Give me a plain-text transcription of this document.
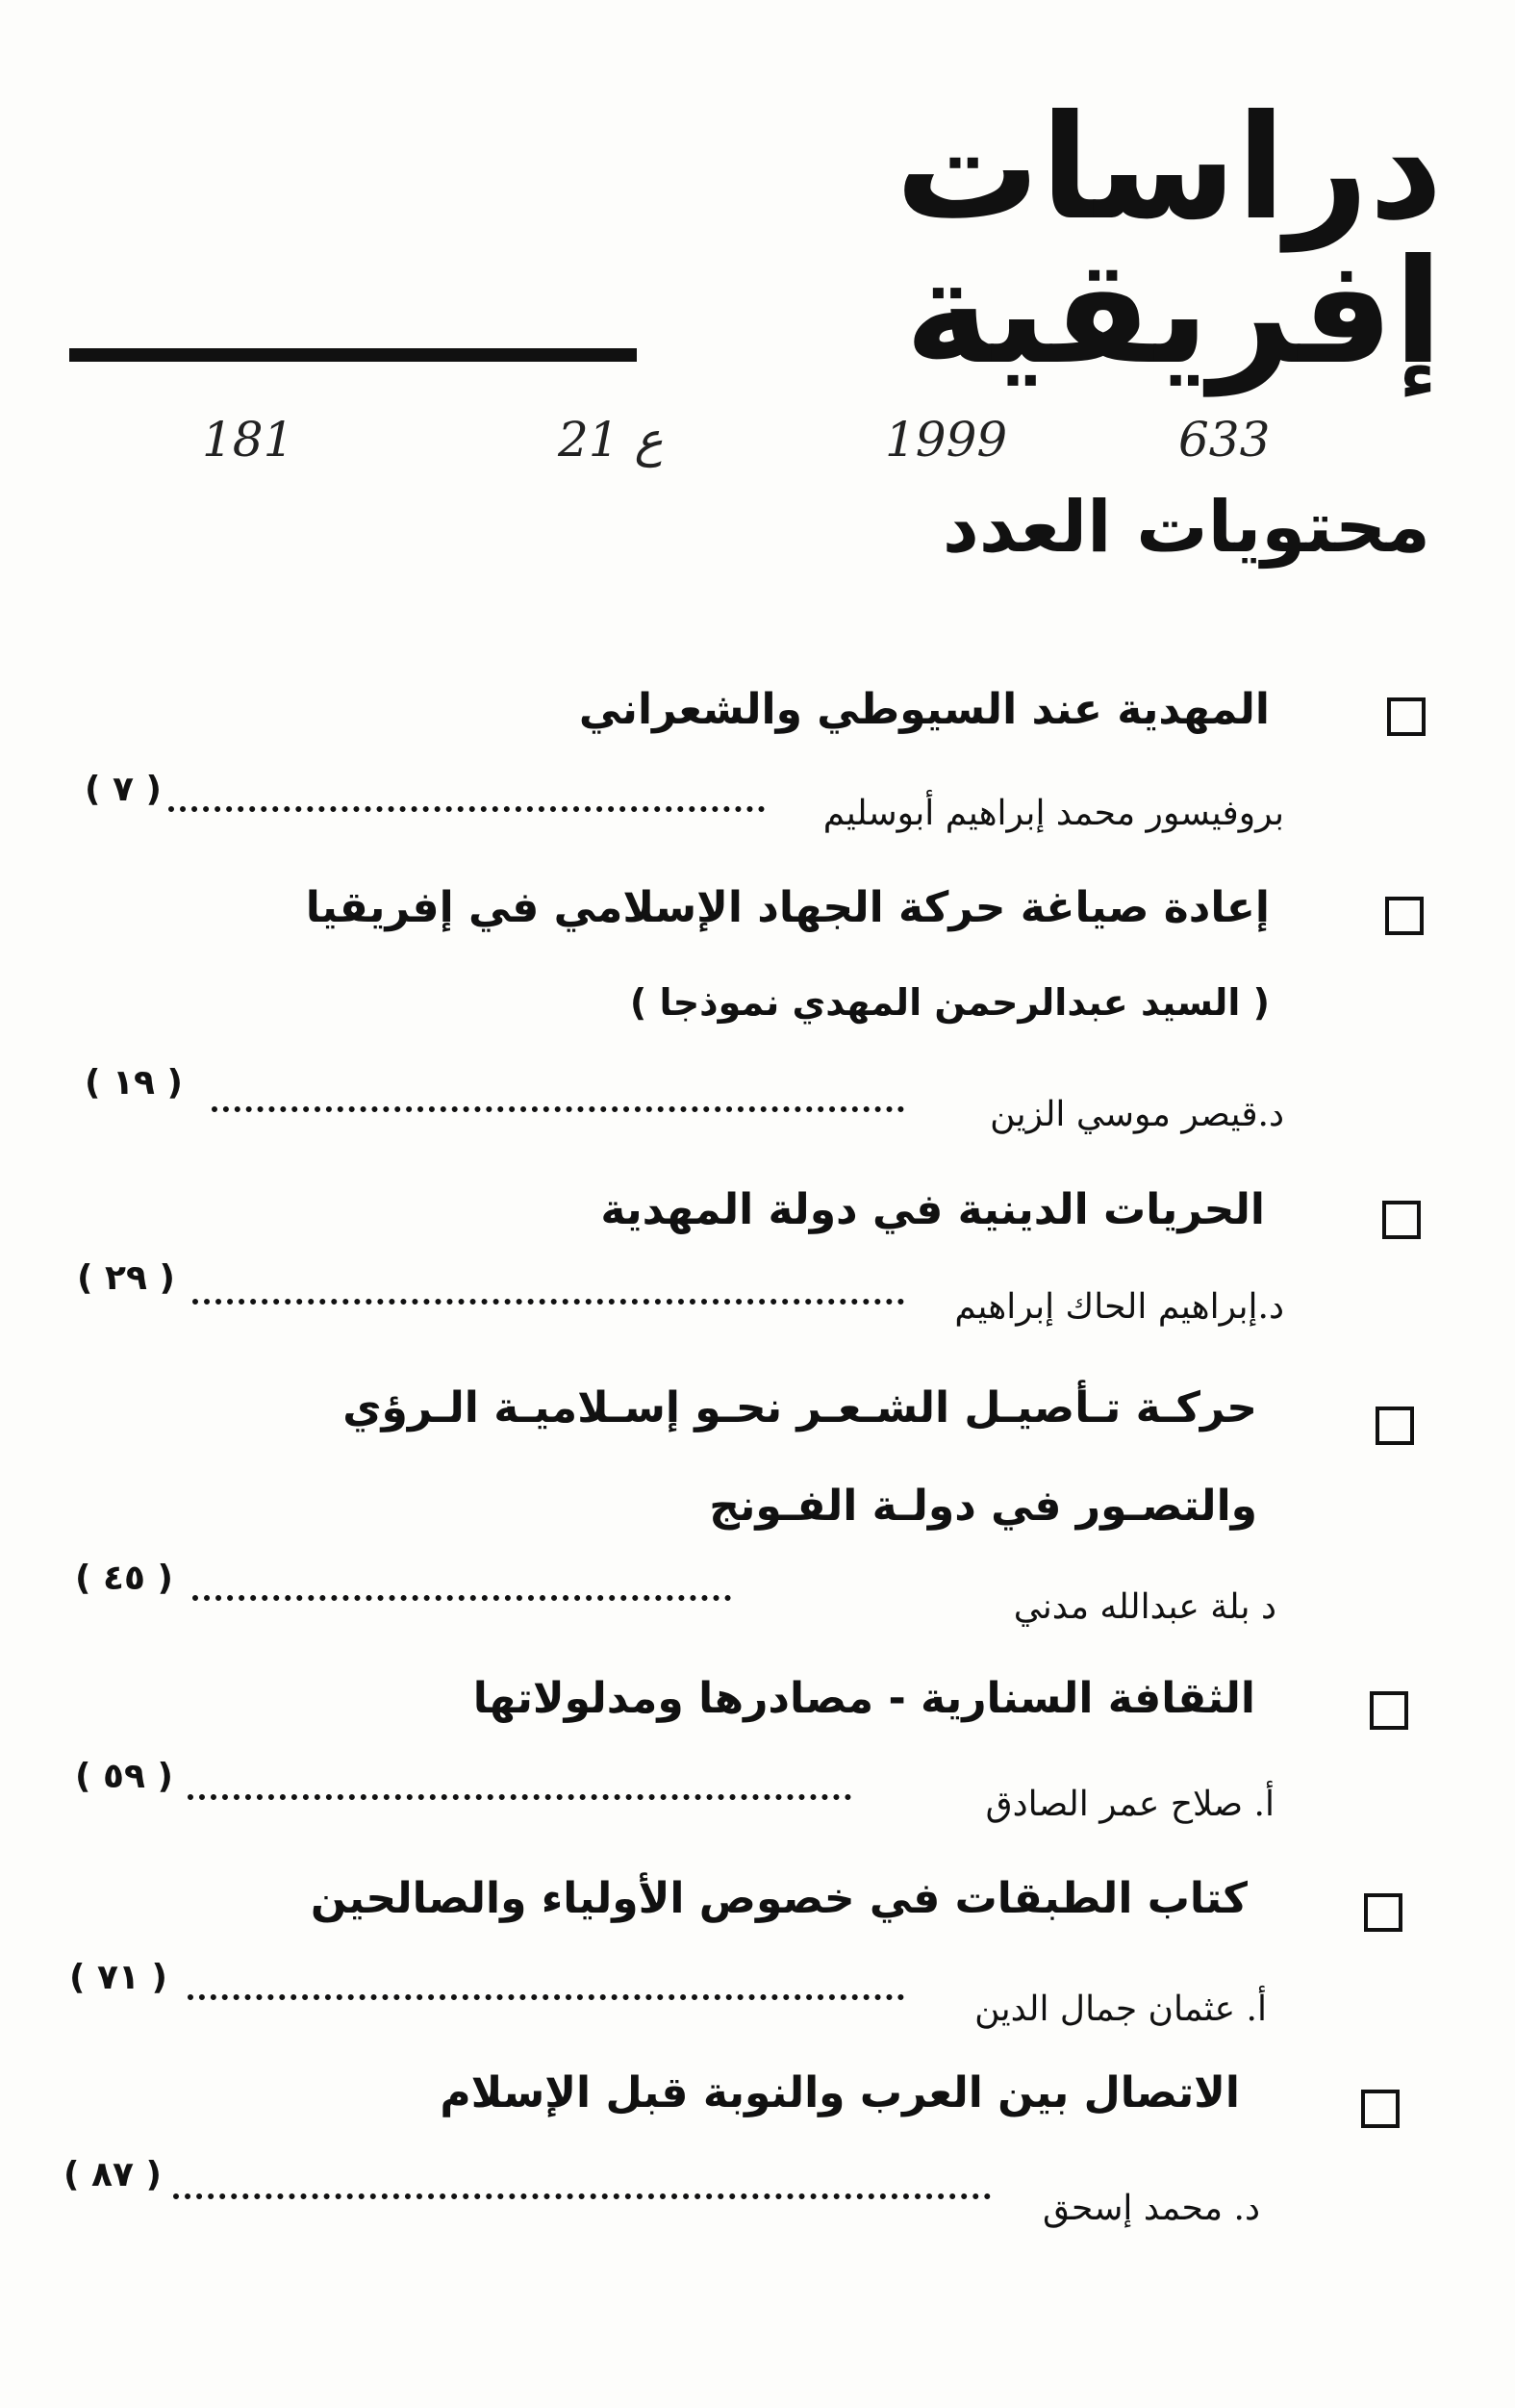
دراسات
إفريقية
633
1999
ع 21
181
محتويات العدد
المهدية عند السيوطي والشعراني
( ٧ )
بروفيسور محمد إبراهيم أبوسليم
إعادة صياغة حركة الجهاد الإسلامي في إفريقيا
( السيد عبدالرحمن المهدي نموذجا )
( ١٩ )
د.قيصر موسي الزين
الحريات الدينية في دولة المهدية
( ٢٩ )
د.إبراهيم الحاك إبراهيم
حركـة تـأصيـل الشـعـر نحـو إسـلاميـة الـرؤي
والتصـور في دولـة الفـونج
( ٤٥ )
د بلة عبدالله مدني
الثقافة السنارية - مصادرها ومدلولاتها
( ٥٩ )
أ. صلاح عمر الصادق
كتاب الطبقات في خصوص الأولياء والصالحين
( ٧١ )
أ. عثمان جمال الدين
الاتصال بين العرب والنوبة قبل الإسلام
( ٨٧ )
د. محمد إسحق
